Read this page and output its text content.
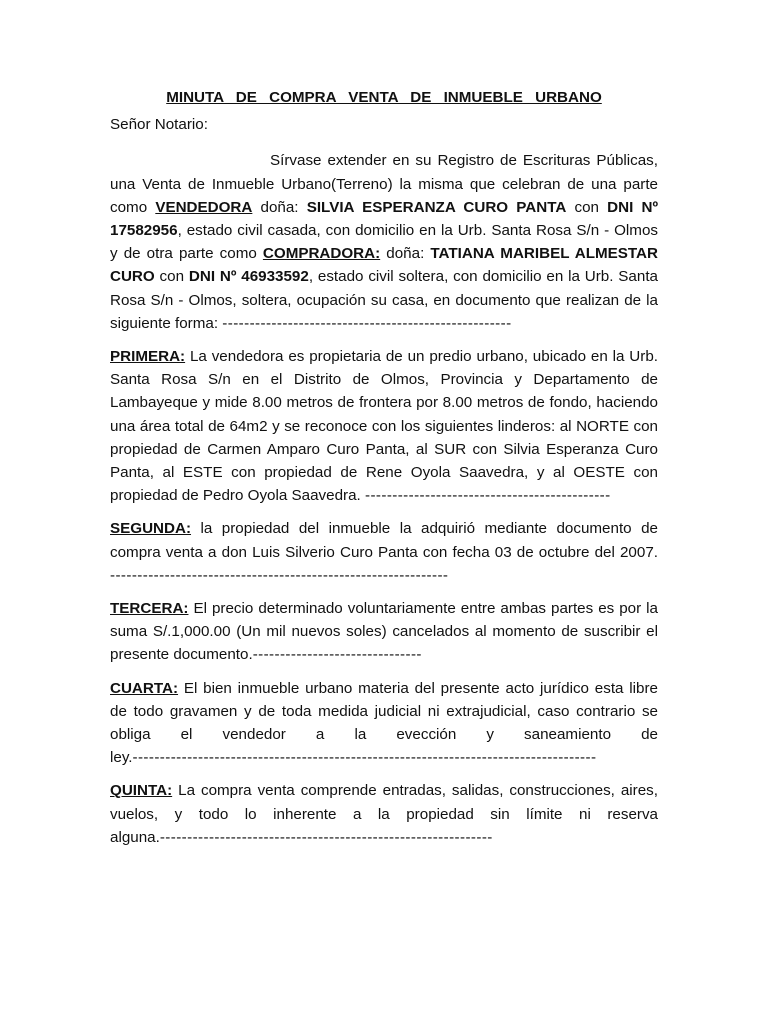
MINUTA DE COMPRA VENTA DE INMUEBLE URBANO
Señor Notario:
Sírvase extender en su Registro de Escrituras Públicas, una Venta de Inmueble Urbano(Terreno) la misma que celebran de una parte como VENDEDORA doña: SILVIA ESPERANZA CURO PANTA con DNI Nº 17582956, estado civil casada, con domicilio en la Urb. Santa Rosa S/n - Olmos y de otra parte como COMPRADORA: doña: TATIANA MARIBEL ALMESTAR CURO con DNI Nº 46933592, estado civil soltera, con domicilio en la Urb. Santa Rosa S/n - Olmos, soltera, ocupación su casa, en documento que realizan de la siguiente forma: -----------------------------------------------------
PRIMERA: La vendedora es propietaria de un predio urbano, ubicado en la Urb. Santa Rosa S/n en el Distrito de Olmos, Provincia y Departamento de Lambayeque y mide 8.00 metros de frontera por 8.00 metros de fondo, haciendo una área total de 64m2 y se reconoce con los siguientes linderos: al NORTE con propiedad de Carmen Amparo Curo Panta, al SUR con Silvia Esperanza Curo Panta, al ESTE con propiedad de Rene Oyola Saavedra, y al OESTE con propiedad de Pedro Oyola Saavedra. ---------------------------------------------
SEGUNDA: la propiedad del inmueble la adquirió mediante documento de compra venta a don Luis Silverio Curo Panta con fecha 03 de octubre del 2007. --------------------------------------------------------------
TERCERA: El precio determinado voluntariamente entre ambas partes es por la suma S/.1,000.00 (Un mil nuevos soles) cancelados al momento de suscribir el presente documento.-------------------------------
CUARTA: El bien inmueble urbano materia del presente acto jurídico esta libre de todo gravamen y de toda medida judicial ni extrajudicial, caso contrario se obliga el vendedor a la evección y saneamiento de ley.-------------------------------------------------------------------------------------
QUINTA: La compra venta comprende entradas, salidas, construcciones, aires, vuelos, y todo lo inherente a la propiedad sin límite ni reserva alguna.-------------------------------------------------------------
